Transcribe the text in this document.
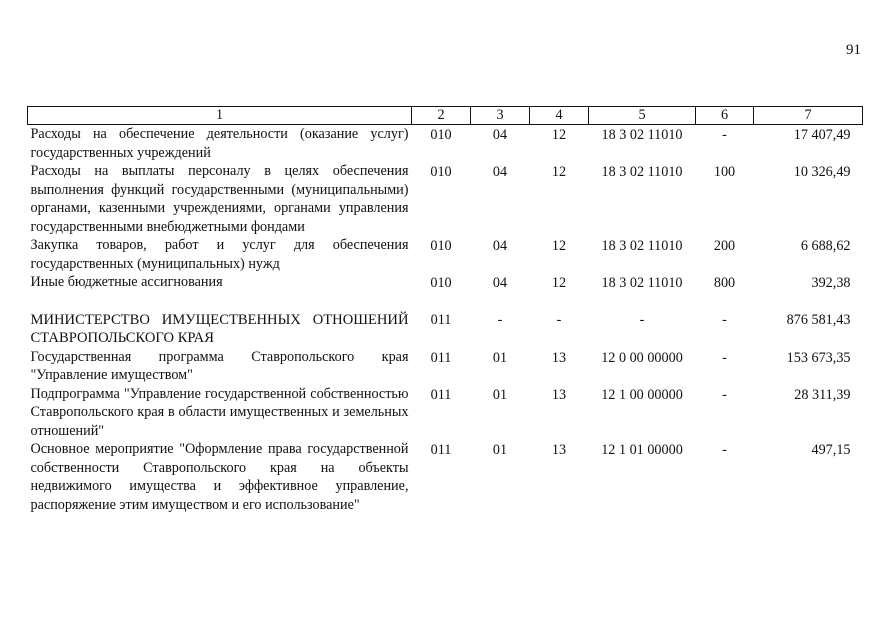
91
1	2	3	4	5	6	7
Расходы на обеспечение деятельности (оказание услуг) государственных учреждений	010	04	12	18 3 02 11010	-	17 407,49
Расходы на выплаты персоналу в целях обеспечения выполнения функций государственными (муниципальными) органами, казенными учреждениями, органами управления государственными внебюджетными фондами	010	04	12	18 3 02 11010	100	10 326,49
Закупка товаров, работ и услуг для обеспечения государственных (муниципальных) нужд	010	04	12	18 3 02 11010	200	6 688,62
Иные бюджетные ассигнования	010	04	12	18 3 02 11010	800	392,38
МИНИСТЕРСТВО ИМУЩЕСТВЕННЫХ ОТНОШЕНИЙ СТАВРОПОЛЬСКОГО КРАЯ	011	-	-	-	-	876 581,43
Государственная программа Ставропольского края "Управление имуществом"	011	01	13	12 0 00 00000	-	153 673,35
Подпрограмма "Управление государственной собственностью Ставропольского края в области имущественных и земельных отношений"	011	01	13	12 1 00 00000	-	28 311,39
Основное мероприятие "Оформление права государственной собственности Ставропольского края на объекты недвижимого имущества и эффективное управление, распоряжение этим имуществом и его использование"	011	01	13	12 1 01 00000	-	497,15
